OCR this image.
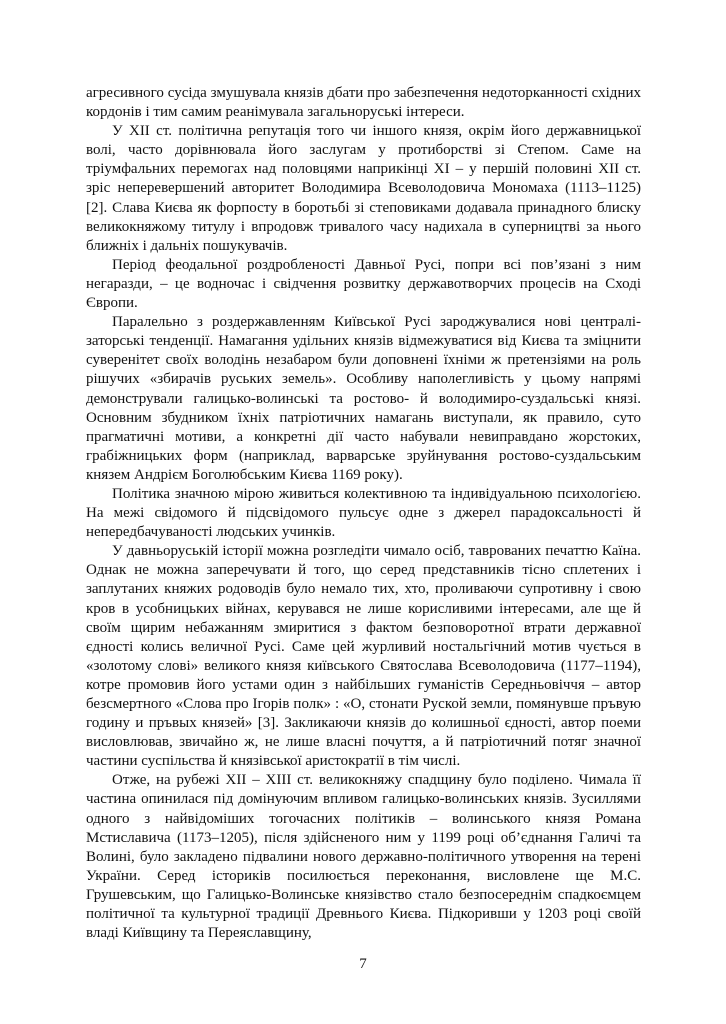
агресивного сусіда змушувала князів дбати про забезпечення недоторканності східних кордонів і тим самим реанімувала загальноруські інтереси.

У XII ст. політична репутація того чи іншого князя, окрім його державницької волі, часто дорівнювала його заслугам у протиборстві зі Степом. Саме на тріумфальних перемогах над половцями наприкінці XI – у першій половині XII ст. зріс неперевершений авторитет Володимира Всеволодовича Мономаха (1113–1125) [2]. Слава Києва як форпосту в боротьбі зі степовиками додавала принадного блиску великокняжому титулу і впродовж тривалого часу надихала в суперництві за нього ближніх і дальніх пошукувачів.

Період феодальної роздробленості Давньої Русі, попри всі пов’язані з ним негаразди, – це водночас і свідчення розвитку державотворчих процесів на Сході Європи.

Паралельно з роздержавленням Київської Русі зароджувалися нові централізаторські тенденції. Намагання удільних князів відмежуватися від Києва та зміцнити суверенітет своїх володінь незабаром були доповнені їхніми ж претензіями на роль рішучих «збирачів руських земель». Особливу наполегливість у цьому напрямі демонстрували галицько-волинські та ростово- й володимиро-суздальські князі. Основним збудником їхніх патріотичних намагань виступали, як правило, суто прагматичні мотиви, а конкретні дії часто набували невиправдано жорстоких, грабіжницьких форм (наприклад, варварське зруйнування ростово-суздальським князем Андрієм Боголюбським Києва 1169 року).

Політика значною мірою живиться колективною та індивідуальною психологією. На межі свідомого й підсвідомого пульсує одне з джерел парадоксальності й непередбачуваності людських учинків.

У давньоруській історії можна розгледіти чимало осіб, таврованих печаттю Каїна. Однак не можна заперечувати й того, що серед представників тісно сплетених і заплутаних княжих родоводів було немало тих, хто, проливаючи супротивну і свою кров в усобницьких війнах, керувався не лише корисливими інтересами, але ще й своїм щирим небажанням змиритися з фактом безповоротної втрати державної єдності колись величної Русі. Саме цей журливий ностальгічний мотив чується в «золотому слові» великого князя київського Святослава Всеволодовича (1177–1194), котре промовив його устами один з найбільших гуманістів Середньовіччя – автор безсмертного «Слова про Ігорів полк» : «О, стонати Руской земли, помянувше пръвую годину и пръвых князей» [3]. Закликаючи князів до колишньої єдності, автор поеми висловлював, звичайно ж, не лише власні почуття, а й патріотичний потяг значної частини суспільства й князівської аристократії в тім числі.

Отже, на рубежі XII – XIII ст. великокняжу спадщину було поділено. Чимала її частина опинилася під домінуючим впливом галицько-волинських князів. Зусиллями одного з найвідоміших тогочасних політиків – волинського князя Романа Мстиславича (1173–1205), після здійсненого ним у 1199 році об’єднання Галичі та Волині, було закладено підвалини нового державно-політичного утворення на терені України. Серед істориків посилюється переконання, висловлене ще М.С. Грушевським, що Галицько-Волинське князівство стало безпосереднім спадкоємцем політичної та культурної традиції Древнього Києва. Підкоривши у 1203 році своїй владі Київщину та Переяславщину,

7
